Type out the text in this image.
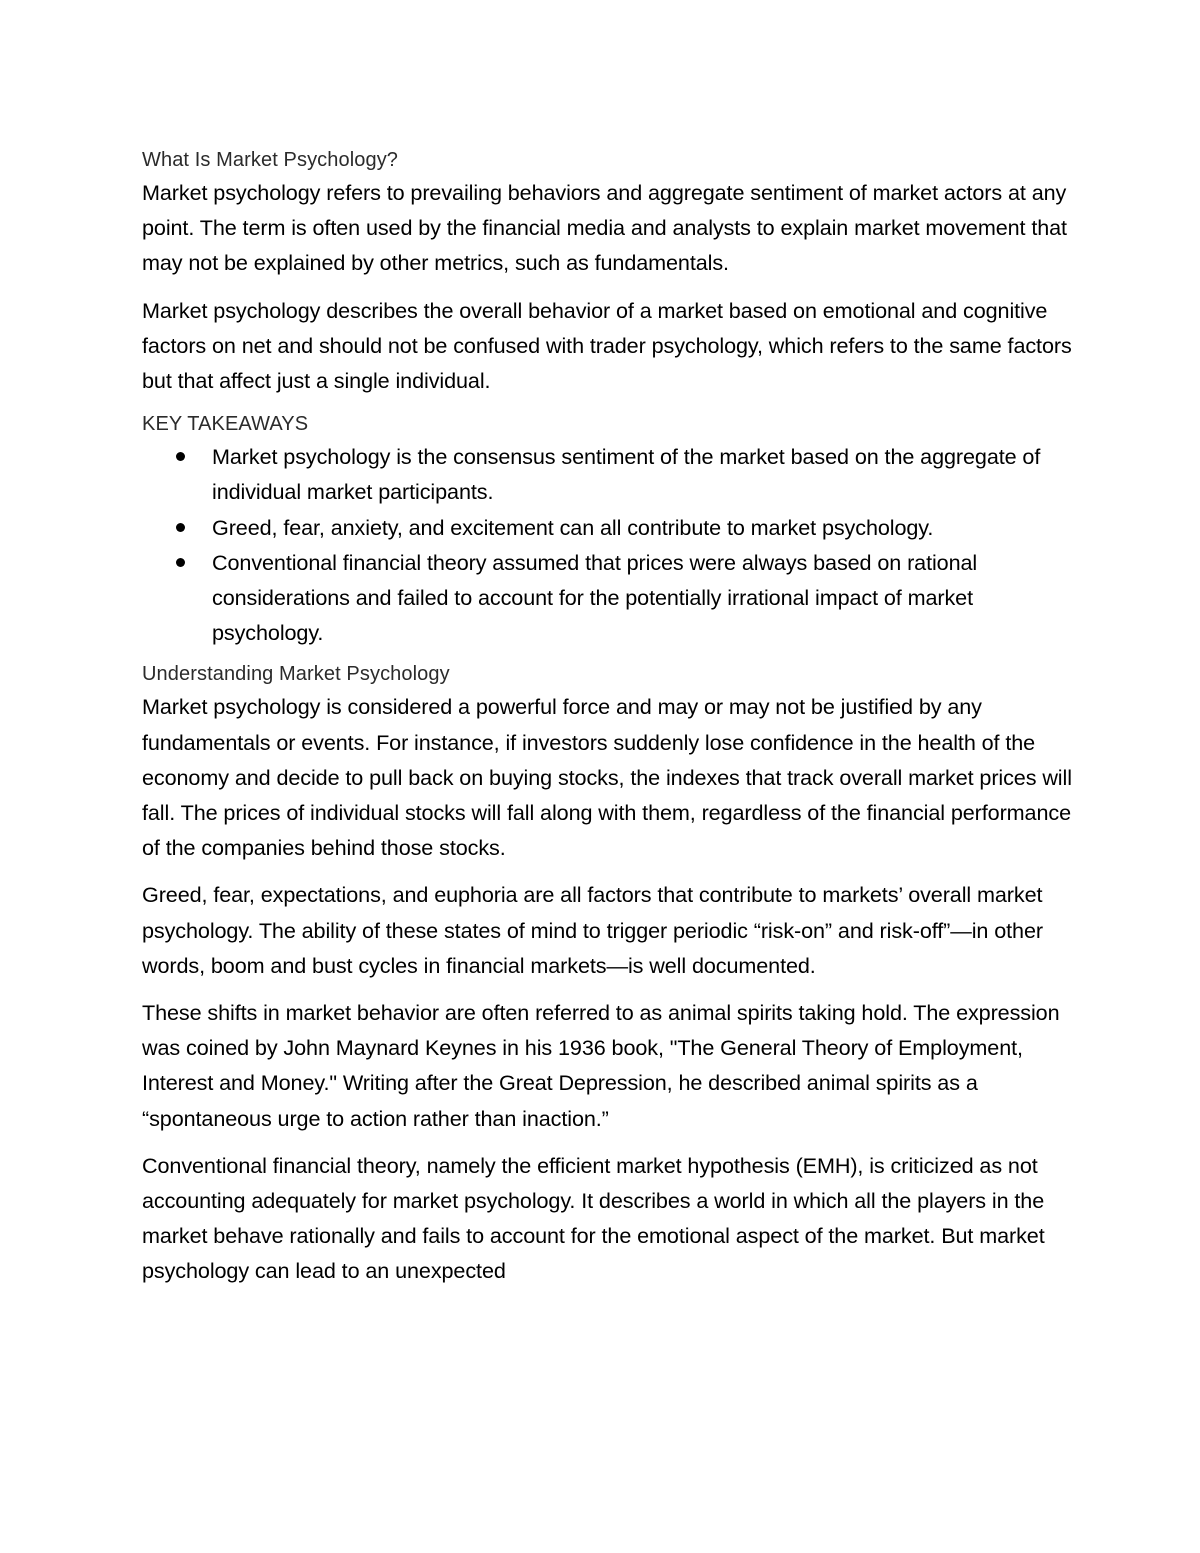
What Is Market Psychology?

Market psychology refers to prevailing behaviors and aggregate sentiment of market actors at any point. The term is often used by the financial media and analysts to explain market movement that may not be explained by other metrics, such as fundamentals.

Market psychology describes the overall behavior of a market based on emotional and cognitive factors on net and should not be confused with trader psychology, which refers to the same factors but that affect just a single individual.

KEY TAKEAWAYS
Market psychology is the consensus sentiment of the market based on the aggregate of individual market participants.
Greed, fear, anxiety, and excitement can all contribute to market psychology.
Conventional financial theory assumed that prices were always based on rational considerations and failed to account for the potentially irrational impact of market psychology.
Understanding Market Psychology

Market psychology is considered a powerful force and may or may not be justified by any fundamentals or events. For instance, if investors suddenly lose confidence in the health of the economy and decide to pull back on buying stocks, the indexes that track overall market prices will fall. The prices of individual stocks will fall along with them, regardless of the financial performance of the companies behind those stocks.

Greed, fear, expectations, and euphoria are all factors that contribute to markets’ overall market psychology. The ability of these states of mind to trigger periodic “risk-on” and risk-off”—in other words, boom and bust cycles in financial markets—is well documented.

These shifts in market behavior are often referred to as animal spirits taking hold. The expression was coined by John Maynard Keynes in his 1936 book, "The General Theory of Employment, Interest and Money." Writing after the Great Depression, he described animal spirits as a “spontaneous urge to action rather than inaction.”

Conventional financial theory, namely the efficient market hypothesis (EMH), is criticized as not accounting adequately for market psychology. It describes a world in which all the players in the market behave rationally and fails to account for the emotional aspect of the market. But market psychology can lead to an unexpected
